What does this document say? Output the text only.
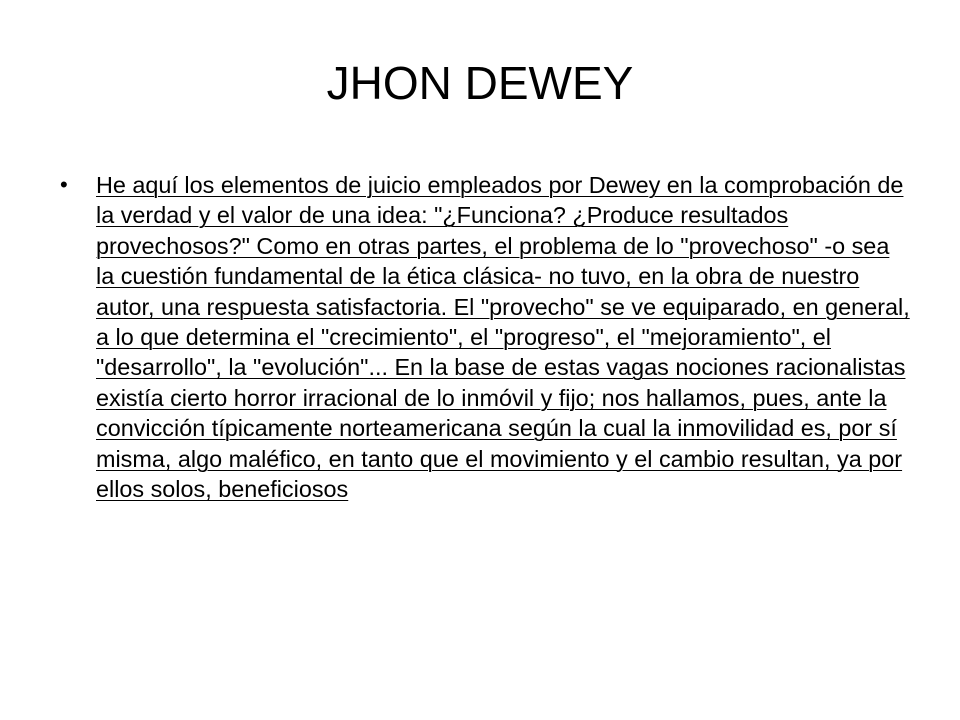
JHON DEWEY
• He aquí los elementos de juicio empleados por Dewey en la comprobación de la verdad y el valor de una idea: "¿Funciona? ¿Produce resultados provechosos?" Como en otras partes, el problema de lo "provechoso" -o sea la cuestión fundamental de la ética clásica- no tuvo, en la obra de nuestro autor, una respuesta satisfactoria. El "provecho" se ve equiparado, en general, a lo que determina el "crecimiento", el "progreso", el "mejoramiento", el "desarrollo", la "evolución"... En la base de estas vagas nociones racionalistas existía cierto horror irracional de lo inmóvil y fijo; nos hallamos, pues, ante la convicción típicamente norteamericana según la cual la inmovilidad es, por sí misma, algo maléfico, en tanto que el movimiento y el cambio resultan, ya por ellos solos, beneficiosos
